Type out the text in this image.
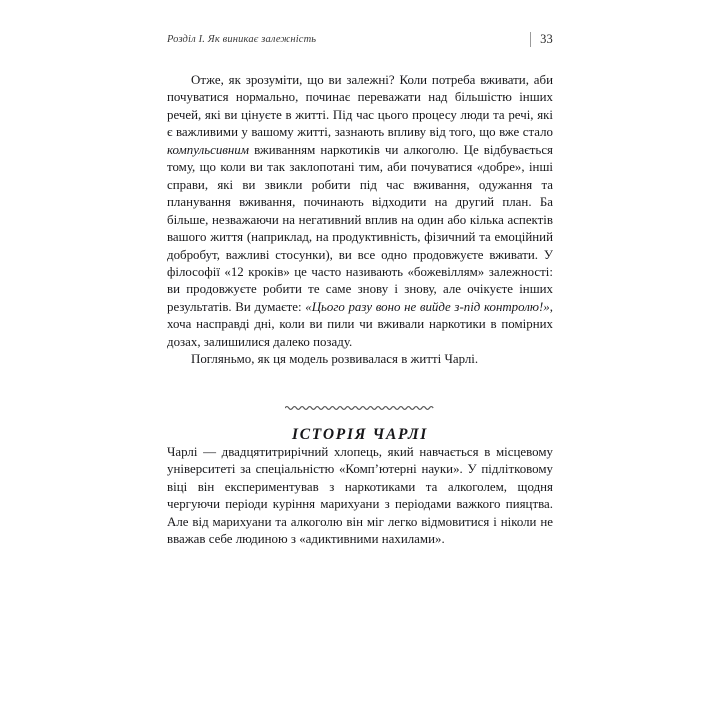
Розділ I. Як виникає залежність	33

Отже, як зрозуміти, що ви залежні? Коли потреба вживати, аби почуватися нормально, починає переважати над більшістю інших речей, які ви цінуєте в житті. Під час цього процесу люди та речі, які є важливими у вашому житті, зазнають впливу від того, що вже стало компульсивним вживанням наркотиків чи алкоголю. Це відбувається тому, що коли ви так заклопотані тим, аби почуватися «добре», інші справи, які ви звикли робити під час вживання, одужання та планування вживання, починають відходити на другий план. Ба більше, незважаючи на негативний вплив на один або кілька аспектів вашого життя (наприклад, на продуктивність, фізичний та емоційний добробут, важливі стосунки), ви все одно продовжуєте вживати. У філософії «12 кроків» це часто називають «божевіллям» залежності: ви продовжуєте робити те саме знову і знову, але очікуєте інших результатів. Ви думаєте: «Цього разу воно не вийде з-під контролю!», хоча насправді дні, коли ви пили чи вживали наркотики в помірних дозах, залишилися далеко позаду.

Погляньмо, як ця модель розвивалася в житті Чарлі.

ІСТОРІЯ ЧАРЛІ

Чарлі — двадцятитрирічний хлопець, який навчається в місцевому університеті за спеціальністю «Комп’ютерні науки». У підлітковому віці він експериментував з наркотиками та алкоголем, щодня чергуючи періоди куріння марихуани з періодами важкого пияцтва. Але від марихуани та алкоголю він міг легко відмовитися і ніколи не вважав себе людиною з «адиктивними нахилами».
